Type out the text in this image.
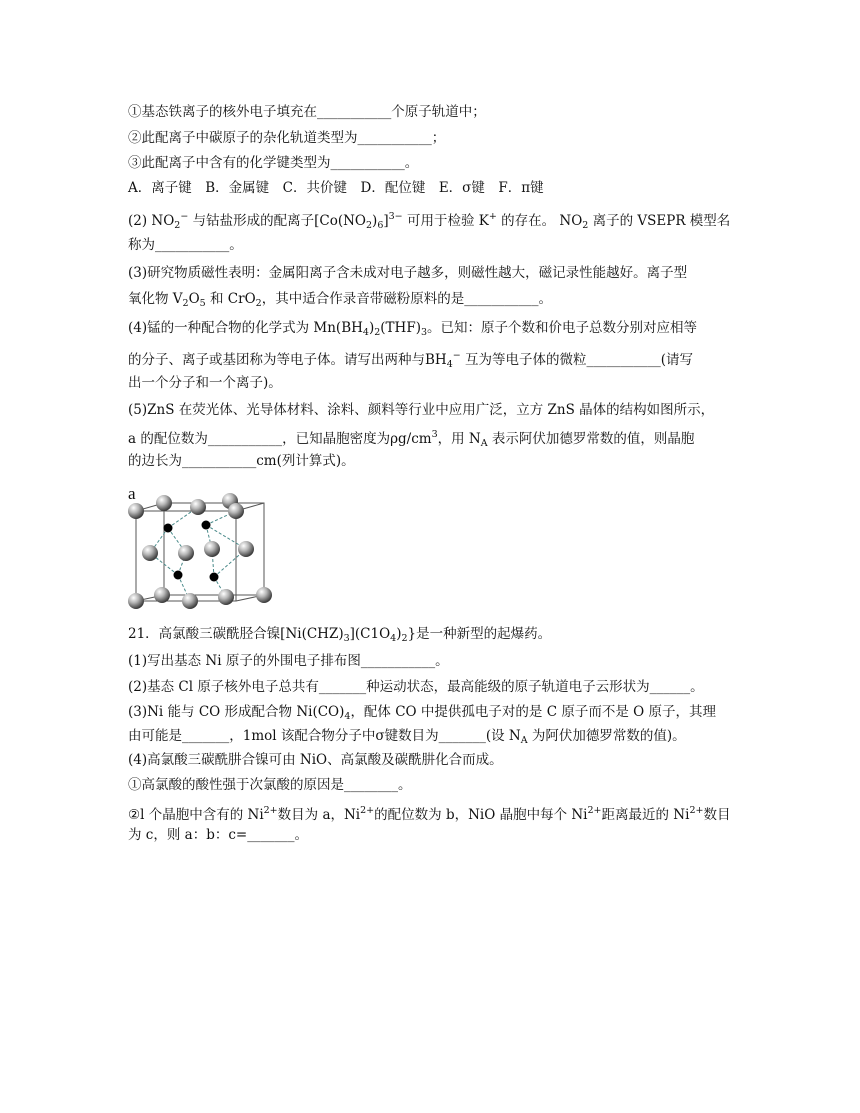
①基态铁离子的核外电子填充在___________个原子轨道中；
②此配离子中碳原子的杂化轨道类型为___________；
③此配离子中含有的化学键类型为___________。
A．离子键　B．金属键　C．共价键　D．配位键　E．σ键　F．π键
(2) $NO_2^-$ 与钴盐形成的配离子$[Co(NO_2)_6]^{3-}$ 可用于检验 K+ 的存在。 $NO_2$ 离子的 VSEPR 模型名
称为___________。
(3)研究物质磁性表明：金属阳离子含未成对电子越多，则磁性越大，磁记录性能越好。离子型
氧化物 $V_2O_5$ 和 CrO$_2$，其中适合作录音带磁粉原料的是___________。
(4)锰的一种配合物的化学式为 $Mn(BH_4)_2(THF)_3$。已知：原子个数和价电子总数分别对应相等
的分子、离子或基团称为等电子体。请写出两种与$BH_4^-$ 互为等电子体的微粒___________(请写
出一个分子和一个离子)。
(5)ZnS 在荧光体、光导体材料、涂料、颜料等行业中应用广泛，立方 ZnS 晶体的结构如图所示，
a 的配位数为___________，已知晶胞密度为$\rho g/cm^3$，用 $N_A$ 表示阿伏加德罗常数的值，则晶胞
的边长为___________cm(列计算式)。
a
21．高氯酸三碳酰胫合镍$[Ni(CHZ)_3](C1O_4)_2$}是一种新型的起爆药。
(1)写出基态 Ni 原子的外围电子排布图___________。
(2)基态 Cl 原子核外电子总共有_______种运动状态，最高能级的原子轨道电子云形状为______。
(3)Ni 能与 CO 形成配合物 $Ni(CO)_4$，配体 CO 中提供孤电子对的是 C 原子而不是 O 原子，其理
由可能是_______，1mol 该配合物分子中σ键数目为_______(设 $N_A$ 为阿伏加德罗常数的值)。
(4)高氯酸三碳酰肼合镍可由 NiO、高氯酸及碳酰肼化合而成。
①高氯酸的酸性强于次氯酸的原因是________。
②l 个晶胞中含有的 $Ni^{2+}$数目为 a，$Ni^{2+}$的配位数为 b，NiO 晶胞中每个 $Ni^{2+}$距离最近的 $Ni^{2+}$数目
为 c，则 a：b：c=_______。
